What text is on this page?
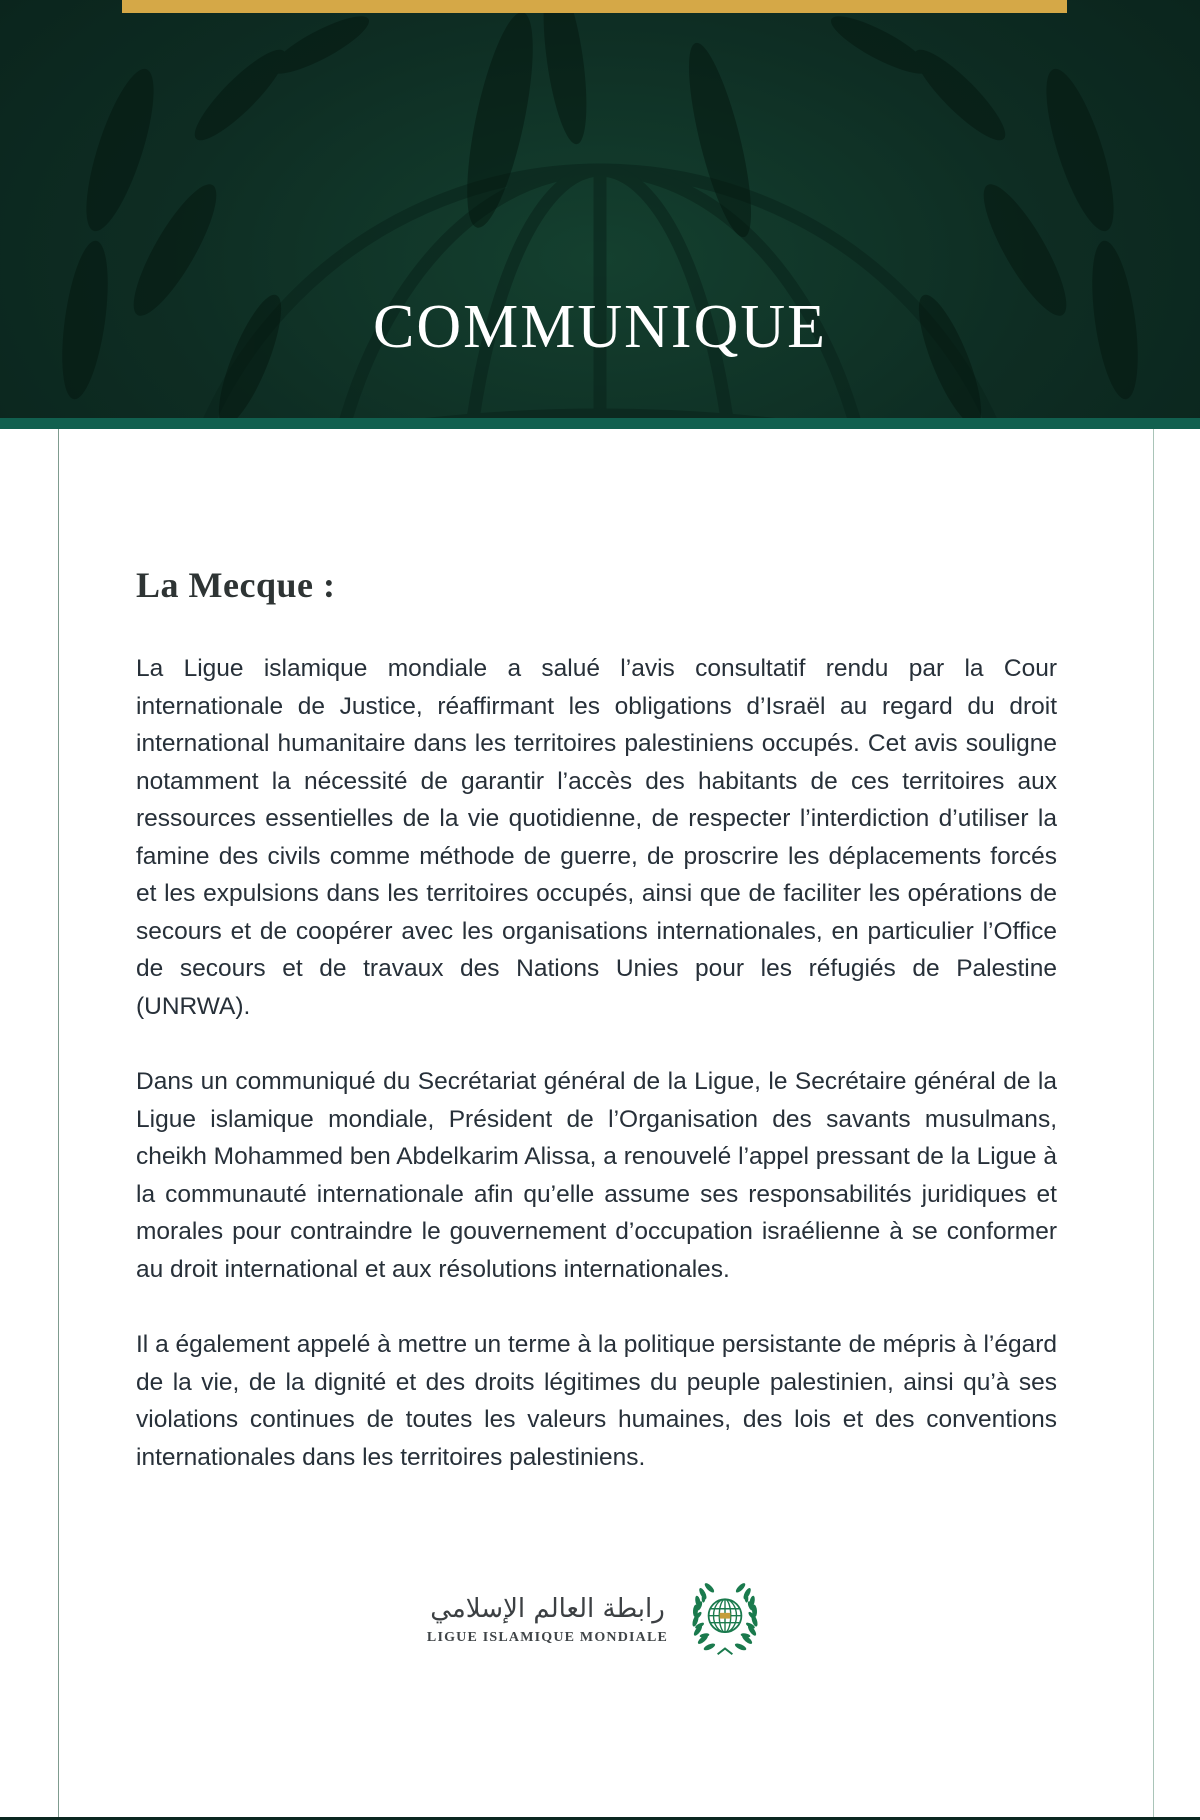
COMMUNIQUE
La Mecque :

La Ligue islamique mondiale a salué l’avis consultatif rendu par la Cour internationale de Justice, réaffirmant les obligations d’Israël au regard du droit international humanitaire dans les territoires palestiniens occupés. Cet avis souligne notamment la nécessité de garantir l’accès des habitants de ces territoires aux ressources essentielles de la vie quotidienne, de respecter l’interdiction d’utiliser la famine des civils comme méthode de guerre, de proscrire les déplacements forcés et les expulsions dans les territoires occupés, ainsi que de faciliter les opérations de secours et de coopérer avec les organisations internationales, en particulier l’Office de secours et de travaux des Nations Unies pour les réfugiés de Palestine (UNRWA).

Dans un communiqué du Secrétariat général de la Ligue, le Secrétaire général de la Ligue islamique mondiale, Président de l’Organisation des savants musulmans, cheikh Mohammed ben Abdelkarim Alissa, a renouvelé l’appel pressant de la Ligue à la communauté internationale afin qu’elle assume ses responsabilités juridiques et morales pour contraindre le gouvernement d’occupation israélienne à se conformer au droit international et aux résolutions internationales.

Il a également appelé à mettre un terme à la politique persistante de mépris à l’égard de la vie, de la dignité et des droits légitimes du peuple palestinien, ainsi qu’à ses violations continues de toutes les valeurs humaines, des lois et des conventions internationales dans les territoires palestiniens.

رابطة العالم الإسلامي
LIGUE ISLAMIQUE MONDIALE
